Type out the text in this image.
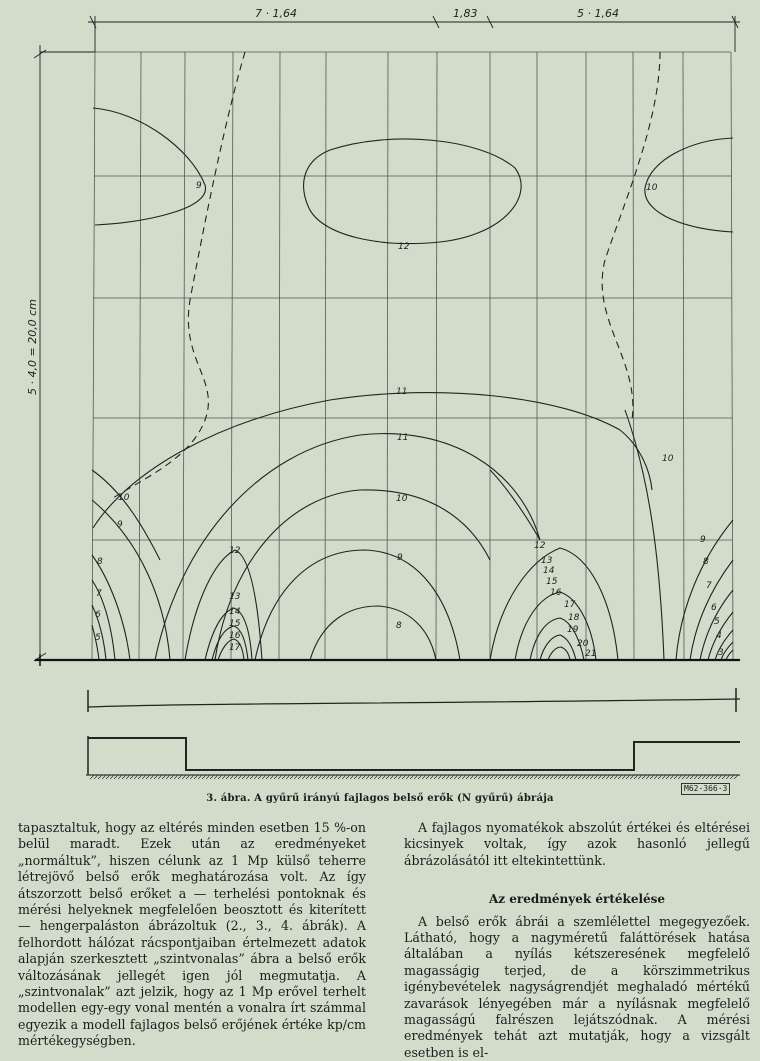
7 · 1,64	1,83	5 · 1,64
5 · 4,0 = 20,0 cm
9
12
10
11
11
10
9
8
7
6
5
10
9
8
12
13
14
15
16
17
12
13
14
15
16
17
18
19
20
21
10
9
8
7
6
5
4
3
M62-366·3
3. ábra. A gyűrű irányú fajlagos belső erők (N gyűrű) ábrája

tapasztaltuk, hogy az eltérés minden esetben 15 %-on belül maradt. Ezek után az eredményeket „normáltuk”, hiszen célunk az 1 Mp külső teherre létrejövő belső erők meghatározása volt. Az így átszorzott belső erőket a — terhelési pontoknak és mérési helyeknek megfelelően beosztott és kiterített — hengerpaláston ábrázoltuk (2., 3., 4. ábrák). A felhordott hálózat rácspontjaiban értelmezett adatok alapján szerkesztett „szintvonalas” ábra a belső erők változásának jellegét igen jól megmutatja. A „szintvonalak” azt jelzik, hogy az 1 Mp erővel terhelt modellen egy-egy vonal mentén a vonalra írt számmal egyezik a modell fajlagos belső erőjének értéke kp/cm mértékegységben.

A fajlagos nyomatékok abszolút értékei és eltérései kicsinyek voltak, így azok hasonló jellegű ábrázolásától itt eltekintettünk.

Az eredmények értékelése

A belső erők ábrái a szemlélettel megegyezőek. Látható, hogy a nagyméretű faláttörések hatása általában a nyílás kétszeresének megfelelő magasságig terjed, de a körszimmetrikus igénybevételek nagyságrendjét meghaladó mértékű zavarások lényegében már a nyílásnak megfelelő magasságú falrészen lejátszódnak. A mérési eredmények tehát azt mutatják, hogy a vizsgált esetben is el-
